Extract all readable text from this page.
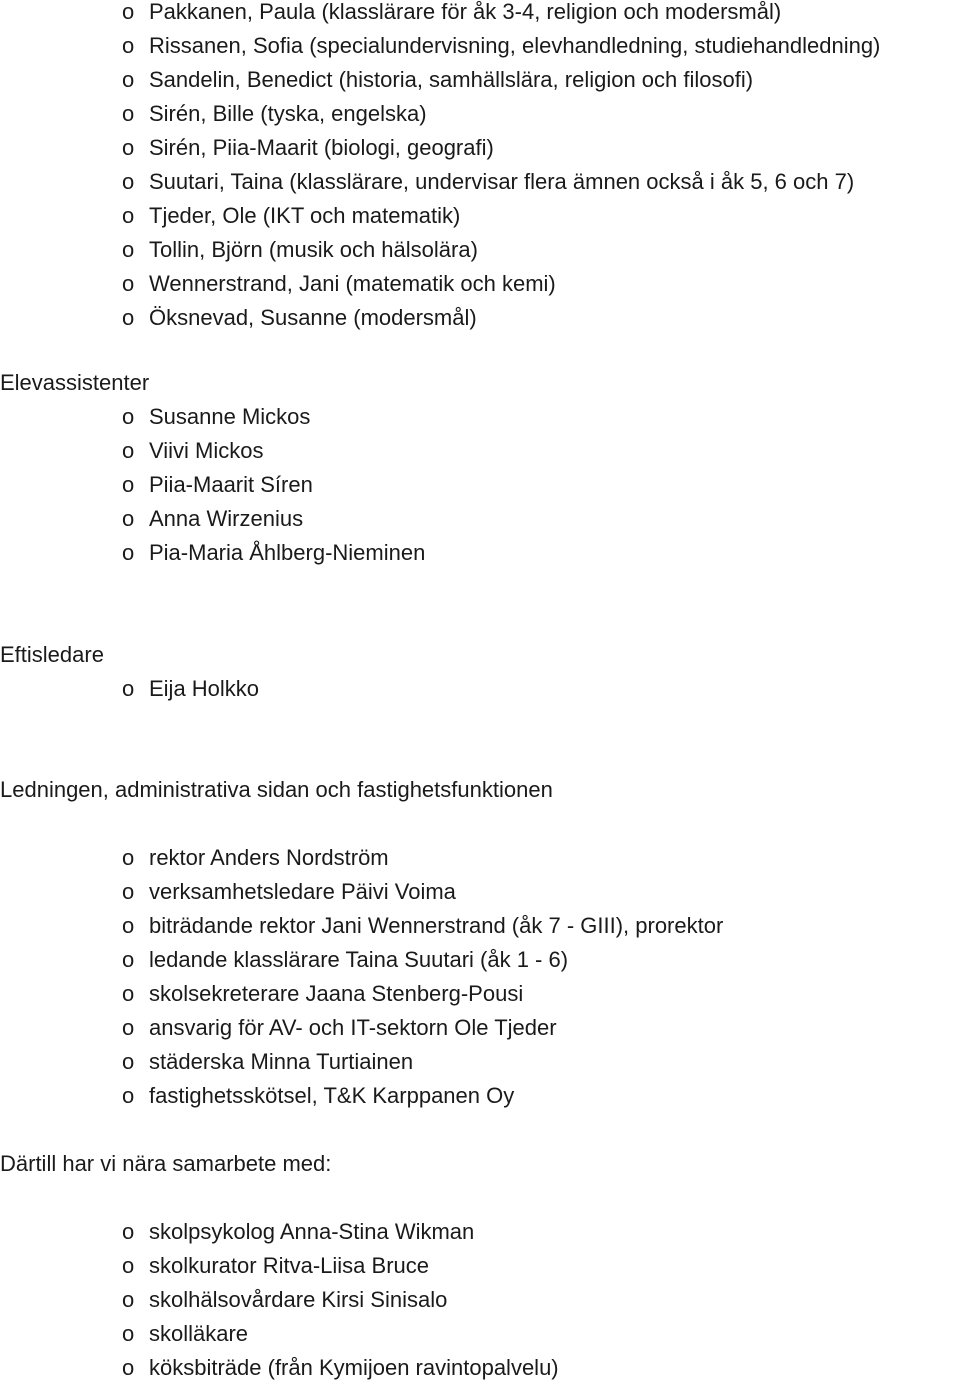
o Pakkanen, Paula (klasslärare för åk 3-4, religion och modersmål)
o Rissanen, Sofia (specialundervisning, elevhandledning, studiehandledning)
o Sandelin, Benedict (historia, samhällslära, religion och filosofi)
o Sirén, Bille (tyska, engelska)
o Sirén, Piia-Maarit (biologi, geografi)
o Suutari, Taina (klasslärare, undervisar flera ämnen också i åk 5, 6 och 7)
o Tjeder, Ole (IKT och matematik)
o Tollin, Björn (musik och hälsolära)
o Wennerstrand, Jani (matematik och kemi)
o Öksnevad, Susanne (modersmål)
Elevassistenter
o Susanne Mickos
o Viivi Mickos
o Piia-Maarit Síren
o Anna Wirzenius
o Pia-Maria Åhlberg-Nieminen
Eftisledare
o Eija Holkko
Ledningen, administrativa sidan och fastighetsfunktionen
o rektor Anders Nordström
o verksamhetsledare Päivi Voima
o biträdande rektor Jani Wennerstrand (åk 7 - GIII), prorektor
o ledande klasslärare Taina Suutari (åk 1 - 6)
o skolsekreterare Jaana Stenberg-Pousi
o ansvarig för AV- och IT-sektorn Ole Tjeder
o städerska Minna Turtiainen
o fastighetsskötsel, T&K Karppanen Oy
Därtill har vi nära samarbete med:
o skolpsykolog Anna-Stina Wikman
o skolkurator Ritva-Liisa Bruce
o skolhälsovårdare Kirsi Sinisalo
o skolläkare
o köksbiträde (från Kymijoen ravintopalvelu)
